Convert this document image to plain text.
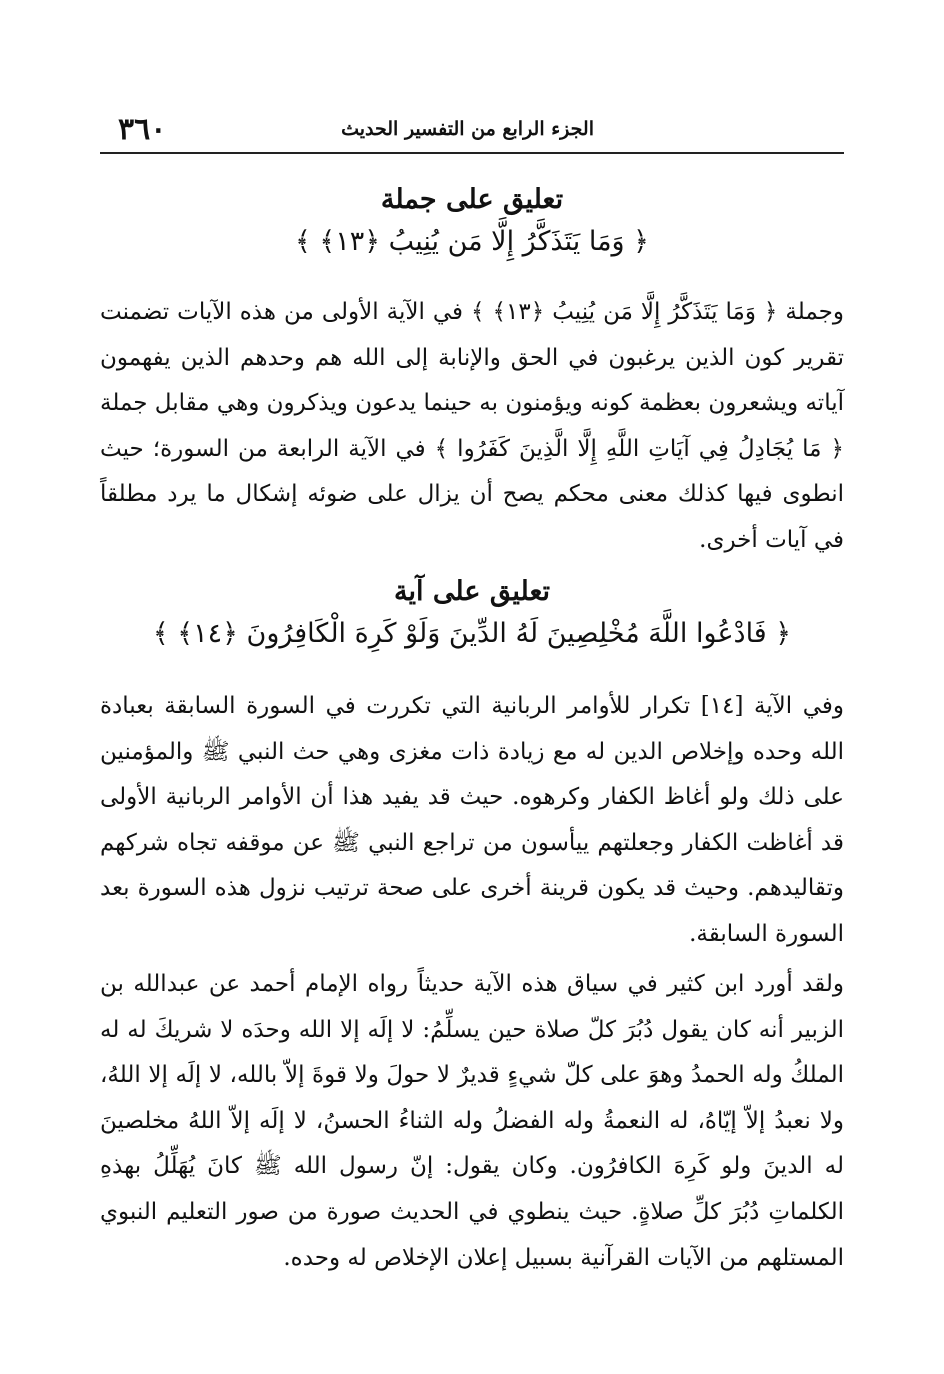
٣٦٠	الجزء الرابع من التفسير الحديث
تعليق على جملة

﴿ وَمَا يَتَذَكَّرُ إِلَّا مَن يُنِيبُ ﴿١٣﴾ ﴾

وجملة ﴿ وَمَا يَتَذَكَّرُ إِلَّا مَن يُنِيبُ ﴿١٣﴾ ﴾ في الآية الأولى من هذه الآيات تضمنت تقرير كون الذين يرغبون في الحق والإنابة إلى الله هم وحدهم الذين يفهمون آياته ويشعرون بعظمة كونه ويؤمنون به حينما يدعون ويذكرون وهي مقابل جملة ﴿ مَا يُجَادِلُ فِي آيَاتِ اللَّهِ إِلَّا الَّذِينَ كَفَرُوا ﴾ في الآية الرابعة من السورة؛ حيث انطوى فيها كذلك معنى محكم يصح أن يزال على ضوئه إشكال ما يرد مطلقاً في آيات أخرى.

تعليق على آية

﴿ فَادْعُوا اللَّهَ مُخْلِصِينَ لَهُ الدِّينَ وَلَوْ كَرِهَ الْكَافِرُونَ ﴿١٤﴾ ﴾

وفي الآية [١٤] تكرار للأوامر الربانية التي تكررت في السورة السابقة بعبادة الله وحده وإخلاص الدين له مع زيادة ذات مغزى وهي حث النبي ﷺ والمؤمنين على ذلك ولو أغاظ الكفار وكرهوه. حيث قد يفيد هذا أن الأوامر الربانية الأولى قد أغاظت الكفار وجعلتهم ييأسون من تراجع النبي ﷺ عن موقفه تجاه شركهم وتقاليدهم. وحيث قد يكون قرينة أخرى على صحة ترتيب نزول هذه السورة بعد السورة السابقة.

ولقد أورد ابن كثير في سياق هذه الآية حديثاً رواه الإمام أحمد عن عبدالله بن الزبير أنه كان يقول دُبُرَ كلّ صلاة حين يسلِّمُ: لا إلَه إلا الله وحدَه لا شريكَ له له الملكُ وله الحمدُ وهوَ على كلّ شيءٍ قديرٌ لا حولَ ولا قوةَ إلاّ بالله، لا إلَه إلا اللهُ، ولا نعبدُ إلاّ إيّاهُ، له النعمةُ وله الفضلُ وله الثناءُ الحسنُ، لا إلَه إلاّ اللهُ مخلصينَ له الدينَ ولو كَرِهَ الكافرُون. وكان يقول: إنّ رسول الله ﷺ كانَ يُهَلِّلُ بهذهِ الكلماتِ دُبُرَ كلِّ صلاةٍ. حيث ينطوي في الحديث صورة من صور التعليم النبوي المستلهم من الآيات القرآنية بسبيل إعلان الإخلاص له وحده.
